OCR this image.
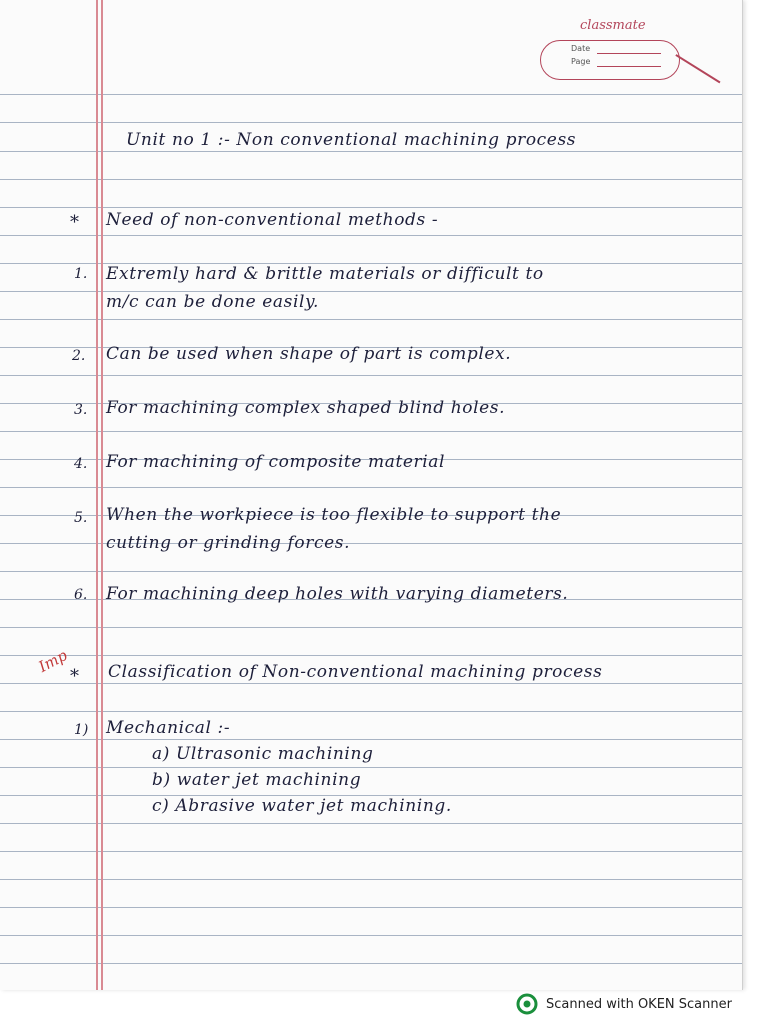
classmate
Date
Page
Unit no 1 :- Non conventional machining process
* Need of non-conventional methods -
1. Extremly hard & brittle materials or difficult to
m/c can be done easily.
2. Can be used when shape of part is complex.
3. For machining complex shaped blind holes.
4. For machining of composite material
5. When the workpiece is too flexible to support the
cutting or grinding forces.
6. For machining deep holes with varying diameters.
Imp
* Classification of Non-conventional machining process
1) Mechanical :-
a) Ultrasonic machining
b) water jet machining
c) Abrasive water jet machining.
Scanned with OKEN Scanner
